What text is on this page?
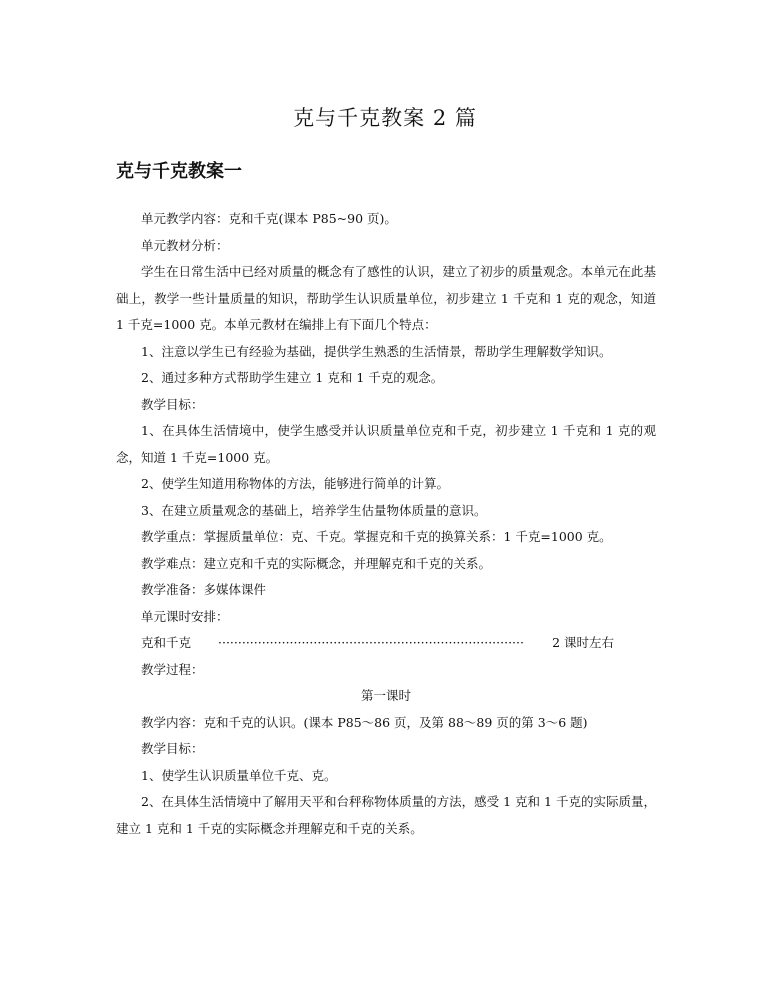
克与千克教案 2 篇
克与千克教案一

单元教学内容：克和千克(课本 P85~90 页)。

单元教材分析：

学生在日常生活中已经对质量的概念有了感性的认识，建立了初步的质量观念。本单元在此基础上，教学一些计量质量的知识，帮助学生认识质量单位，初步建立 1 千克和 1 克的观念，知道 1 千克=1000 克。本单元教材在编排上有下面几个特点：

1、注意以学生已有经验为基础，提供学生熟悉的生活情景，帮助学生理解数学知识。

2、通过多种方式帮助学生建立 1 克和 1 千克的观念。

教学目标：

1、在具体生活情境中，使学生感受并认识质量单位克和千克，初步建立 1 千克和 1 克的观念，知道 1 千克=1000 克。

2、使学生知道用称物体的方法，能够进行简单的计算。

3、在建立质量观念的基础上，培养学生估量物体质量的意识。

教学重点：掌握质量单位：克、千克。掌握克和千克的换算关系：1 千克=1000 克。

教学难点：建立克和千克的实际概念，并理解克和千克的关系。

教学准备：多媒体课件

单元课时安排：

克和千克
·····	2 课时左右

教学过程：

第一课时

教学内容：克和千克的认识。(课本 P85～86 页，及第 88～89 页的第 3～6 题)

教学目标：

1、使学生认识质量单位千克、克。

2、在具体生活情境中了解用天平和台秤称物体质量的方法，感受 1 克和 1 千克的实际质量，建立 1 克和 1 千克的实际概念并理解克和千克的关系。
